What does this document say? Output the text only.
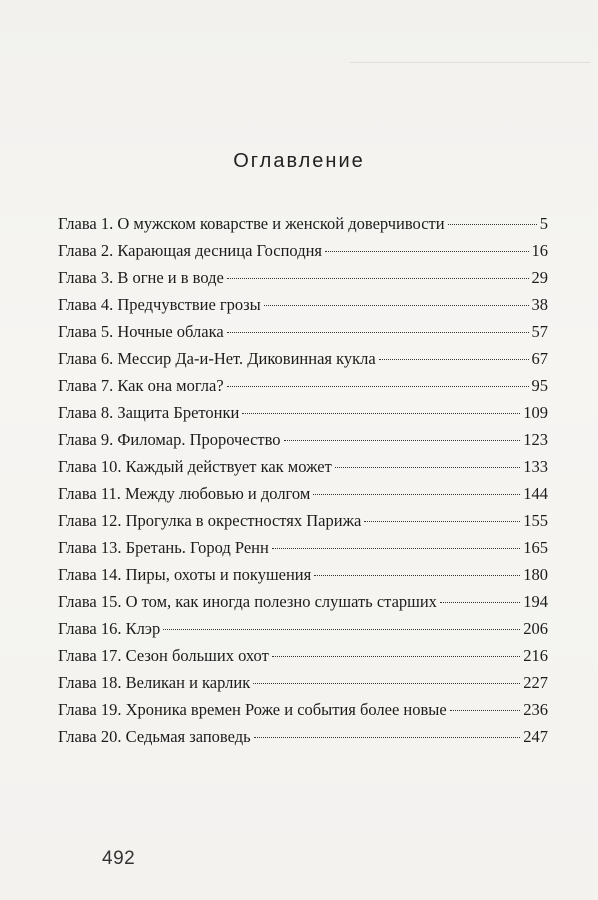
Оглавление
Глава 1. О мужском коварстве и женской доверчивости	5
Глава 2. Карающая десница Господня	16
Глава 3. В огне и в воде	29
Глава 4. Предчувствие грозы	38
Глава 5. Ночные облака	57
Глава 6. Мессир Да-и-Нет. Диковинная кукла	67
Глава 7. Как она могла?	95
Глава 8. Защита Бретонки	109
Глава 9. Филомар. Пророчество	123
Глава 10. Каждый действует как может	133
Глава 11. Между любовью и долгом	144
Глава 12. Прогулка в окрестностях Парижа	155
Глава 13. Бретань. Город Ренн	165
Глава 14. Пиры, охоты и покушения	180
Глава 15. О том, как иногда полезно слушать старших	194
Глава 16. Клэр	206
Глава 17. Сезон больших охот	216
Глава 18. Великан и карлик	227
Глава 19. Хроника времен Роже и события более новые	236
Глава 20. Седьмая заповедь	247
492
